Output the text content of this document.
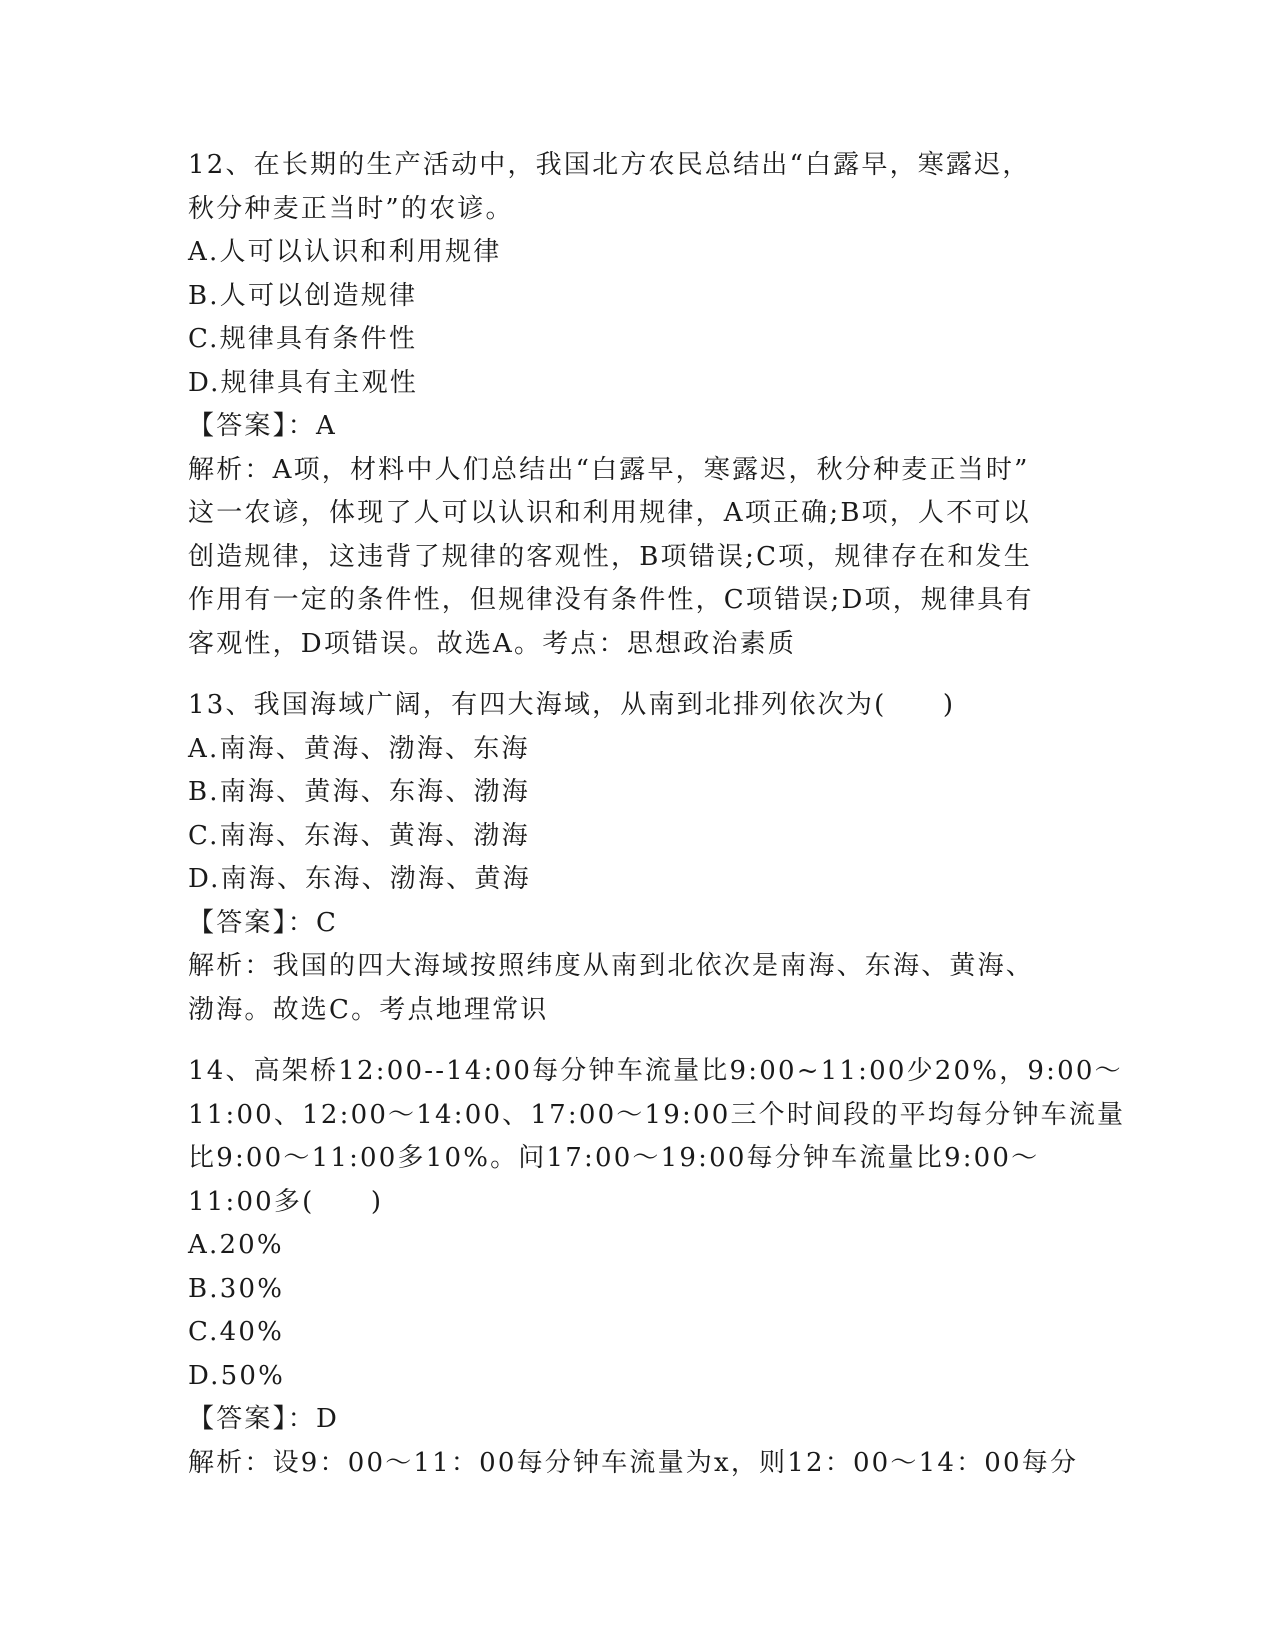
12、在长期的生产活动中，我国北方农民总结出“白露早，寒露迟，
秋分种麦正当时”的农谚。
A.人可以认识和利用规律
B.人可以创造规律
C.规律具有条件性
D.规律具有主观性
【答案】：A
解析：A项，材料中人们总结出“白露早，寒露迟，秋分种麦正当时”
这一农谚，体现了人可以认识和利用规律，A项正确;B项，人不可以
创造规律，这违背了规律的客观性，B项错误;C项，规律存在和发生
作用有一定的条件性，但规律没有条件性，C项错误;D项，规律具有
客观性，D项错误。故选A。考点：思想政治素质
13、我国海域广阔，有四大海域，从南到北排列依次为(　　)
A.南海、黄海、渤海、东海
B.南海、黄海、东海、渤海
C.南海、东海、黄海、渤海
D.南海、东海、渤海、黄海
【答案】：C
解析：我国的四大海域按照纬度从南到北依次是南海、东海、黄海、
渤海。故选C。考点地理常识
14、高架桥12:00--14:00每分钟车流量比9:00~11:00少20%，9:00～
11:00、12:00～14:00、17:00～19:00三个时间段的平均每分钟车流量
比9:00～11:00多10%。问17:00～19:00每分钟车流量比9:00～
11:00多(　　)
A.20%
B.30%
C.40%
D.50%
【答案】：D
解析：设9：00～11：00每分钟车流量为x，则12：00～14：00每分
